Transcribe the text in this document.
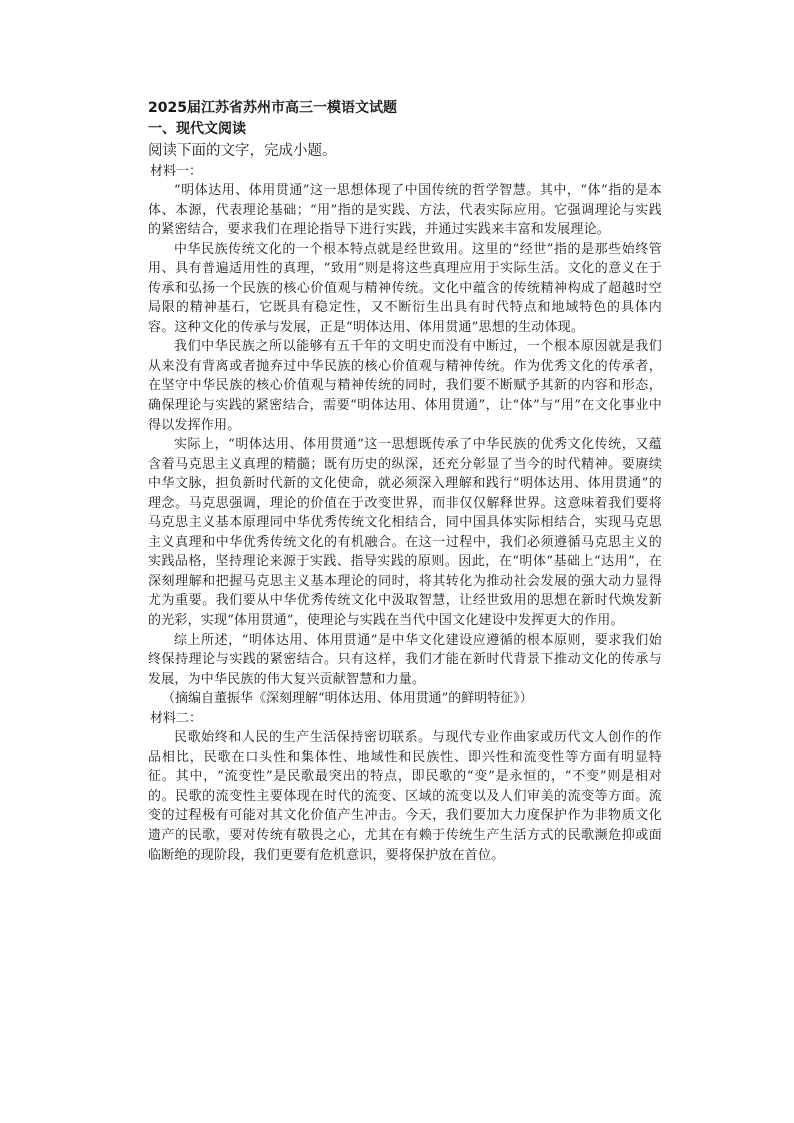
2025届江苏省苏州市高三一模语文试题
一、现代文阅读
阅读下面的文字，完成小题。
材料一：

“明体达用、体用贯通”这一思想体现了中国传统的哲学智慧。其中，“体”指的是本体、本源，代表理论基础；“用”指的是实践、方法，代表实际应用。它强调理论与实践的紧密结合，要求我们在理论指导下进行实践，并通过实践来丰富和发展理论。

中华民族传统文化的一个根本特点就是经世致用。这里的“经世”指的是那些始终管用、具有普遍适用性的真理，“致用”则是将这些真理应用于实际生活。文化的意义在于传承和弘扬一个民族的核心价值观与精神传统。文化中蕴含的传统精神构成了超越时空局限的精神基石，它既具有稳定性，又不断衍生出具有时代特点和地域特色的具体内容。这种文化的传承与发展，正是“明体达用、体用贯通”思想的生动体现。

我们中华民族之所以能够有五千年的文明史而没有中断过，一个根本原因就是我们从来没有背离或者抛弃过中华民族的核心价值观与精神传统。作为优秀文化的传承者，在坚守中华民族的核心价值观与精神传统的同时，我们要不断赋予其新的内容和形态，确保理论与实践的紧密结合，需要“明体达用、体用贯通”，让“体”与“用”在文化事业中得以发挥作用。

实际上，“明体达用、体用贯通”这一思想既传承了中华民族的优秀文化传统，又蕴含着马克思主义真理的精髓；既有历史的纵深，还充分彰显了当今的时代精神。要赓续中华文脉，担负新时代新的文化使命，就必须深入理解和践行“明体达用、体用贯通”的理念。马克思强调，理论的价值在于改变世界，而非仅仅解释世界。这意味着我们要将马克思主义基本原理同中华优秀传统文化相结合，同中国具体实际相结合，实现马克思主义真理和中华优秀传统文化的有机融合。在这一过程中，我们必须遵循马克思主义的实践品格，坚持理论来源于实践、指导实践的原则。因此，在“明体”基础上“达用”，在深刻理解和把握马克思主义基本理论的同时，将其转化为推动社会发展的强大动力显得尤为重要。我们要从中华优秀传统文化中汲取智慧，让经世致用的思想在新时代焕发新的光彩，实现“体用贯通”，使理论与实践在当代中国文化建设中发挥更大的作用。

综上所述，“明体达用、体用贯通”是中华文化建设应遵循的根本原则，要求我们始终保持理论与实践的紧密结合。只有这样，我们才能在新时代背景下推动文化的传承与发展，为中华民族的伟大复兴贡献智慧和力量。

（摘编自董振华《深刻理解“明体达用、体用贯通”的鲜明特征》）
材料二：

民歌始终和人民的生产生活保持密切联系。与现代专业作曲家或历代文人创作的作品相比，民歌在口头性和集体性、地域性和民族性、即兴性和流变性等方面有明显特征。其中，“流变性”是民歌最突出的特点，即民歌的“变”是永恒的，“不变”则是相对的。民歌的流变性主要体现在时代的流变、区域的流变以及人们审美的流变等方面。流变的过程极有可能对其文化价值产生冲击。今天，我们要加大力度保护作为非物质文化遗产的民歌，要对传统有敬畏之心，尤其在有赖于传统生产生活方式的民歌濒危抑或面临断绝的现阶段，我们更要有危机意识，要将保护放在首位。
